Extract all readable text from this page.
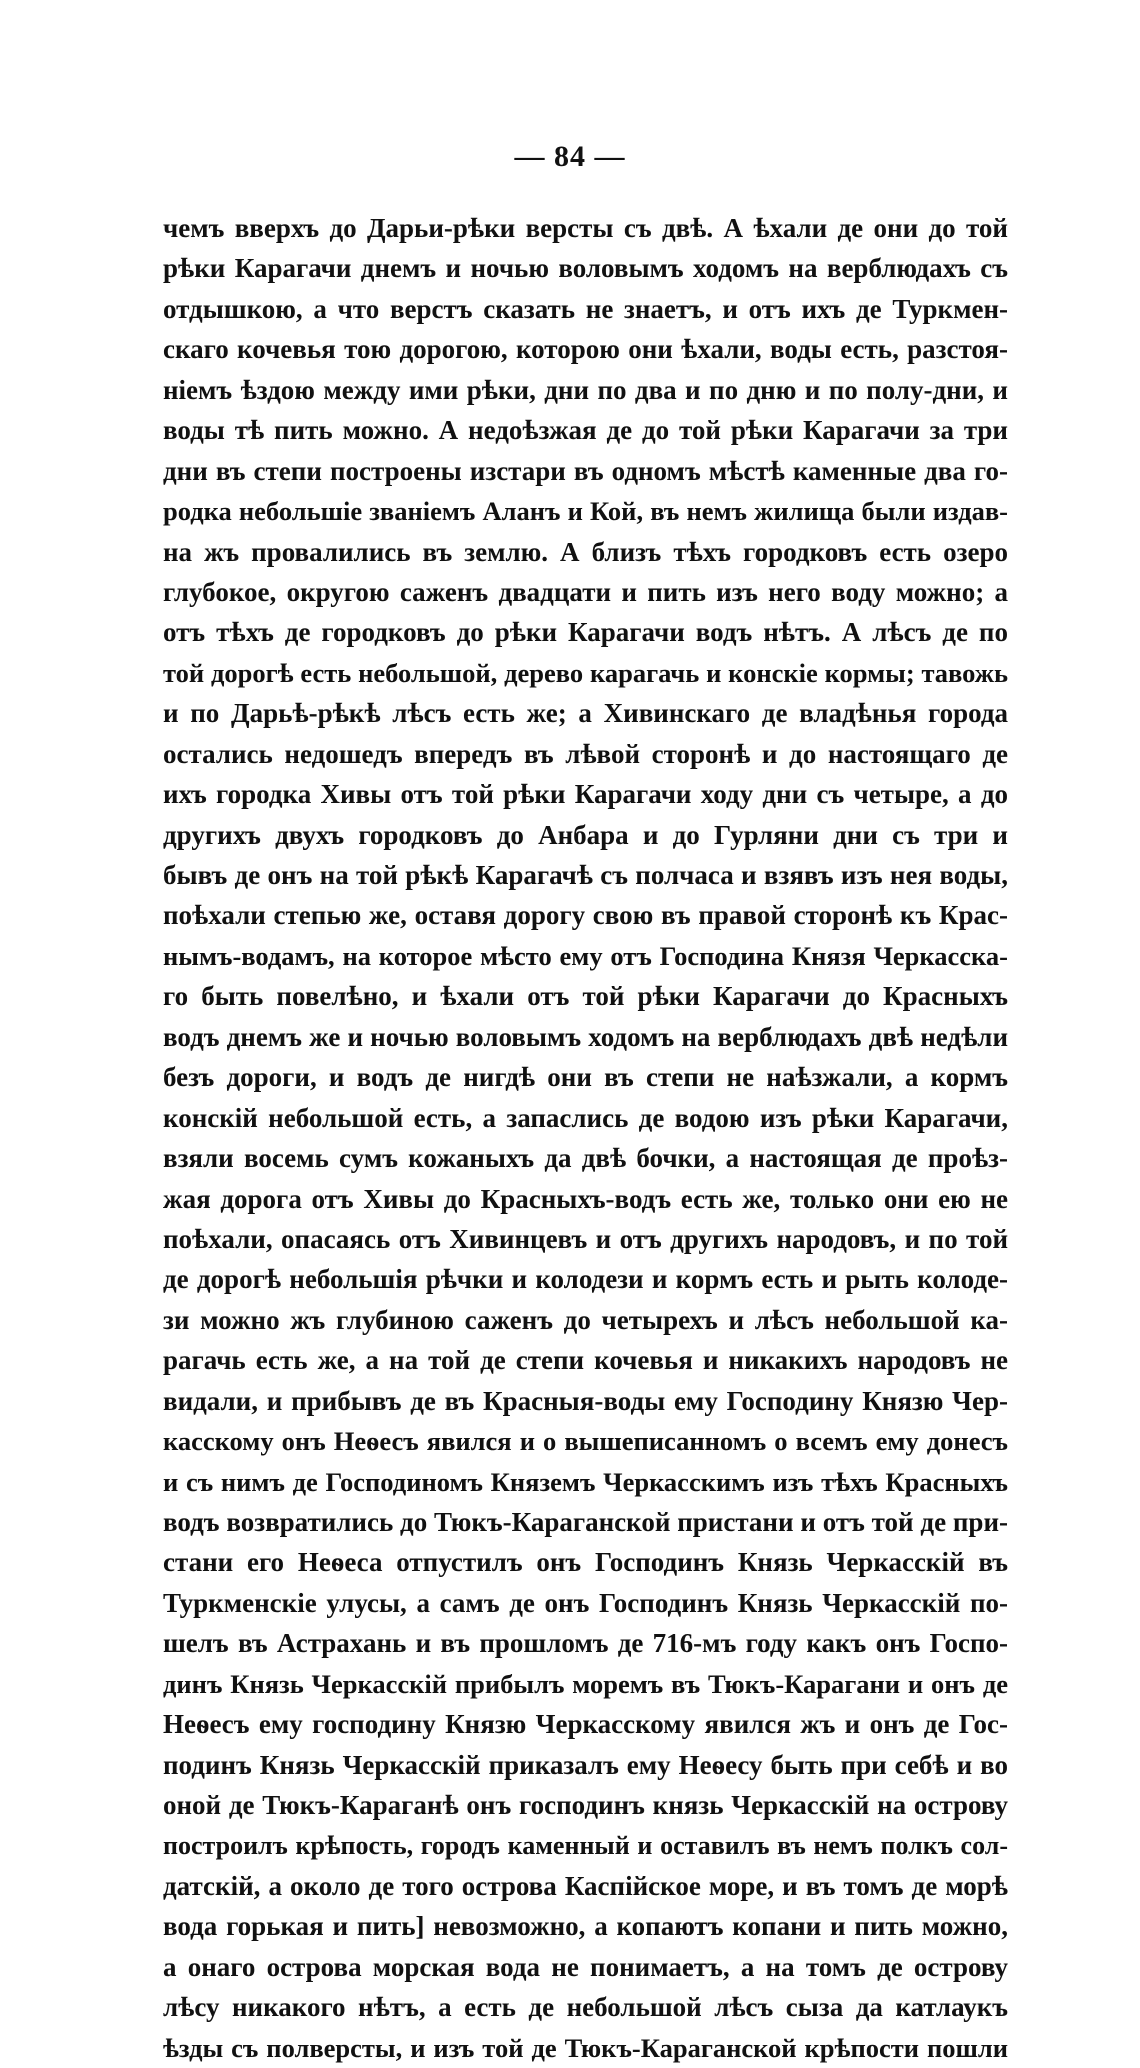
— 84 —
чемъ вверхъ до Дарьи-рѣки версты съ двѣ. А ѣхали де они до той
рѣки Карагачи днемъ и ночью воловымъ ходомъ на верблюдахъ съ
отдышкою, а что верстъ сказать не знаетъ, и отъ ихъ де Туркмен-
скаго кочевья тою дорогою, которою они ѣхали, воды есть, разстоя-
ніемъ ѣздою между ими рѣки, дни по два и по дню и по полу-дни, и
воды тѣ пить можно. А недоѣзжая де до той рѣки Карагачи за три
дни въ степи построены изстари въ одномъ мѣстѣ каменные два го-
родка небольшіе званіемъ Аланъ и Кой, въ немъ жилища были издав-
на жъ провалились въ землю. А близъ тѣхъ городковъ есть озеро
глубокое, округою саженъ двадцати и пить изъ него воду можно; а
отъ тѣхъ де городковъ до рѣки Карагачи водъ нѣтъ. А лѣсъ де по
той дорогѣ есть небольшой, дерево карагачь и конскіе кормы; тавожь
и по Дарьѣ-рѣкѣ лѣсъ есть же; а Хивинскаго де владѣнья города
остались недошедъ впередъ въ лѣвой сторонѣ и до настоящаго де
ихъ городка Хивы отъ той рѣки Карагачи ходу дни съ четыре, а до
другихъ двухъ городковъ до Анбара и до Гурляни дни съ три и
бывъ де онъ на той рѣкѣ Карагачѣ съ полчаса и взявъ изъ нея воды,
поѣхали степью же, оставя дорогу свою въ правой сторонѣ къ Крас-
нымъ-водамъ, на которое мѣсто ему отъ Господина Князя Черкасска-
го быть повелѣно, и ѣхали отъ той рѣки Карагачи до Красныхъ
водъ днемъ же и ночью воловымъ ходомъ на верблюдахъ двѣ недѣли
безъ дороги, и водъ де нигдѣ они въ степи не наѣзжали, а кормъ
конскій небольшой есть, а запаслись де водою изъ рѣки Карагачи,
взяли восемь сумъ кожаныхъ да двѣ бочки, а настоящая де проѣз-
жая дорога отъ Хивы до Красныхъ-водъ есть же, только они ею не
поѣхали, опасаясь отъ Хивинцевъ и отъ другихъ народовъ, и по той
де дорогѣ небольшія рѣчки и колодези и кормъ есть и рыть колоде-
зи можно жъ глубиною саженъ до четырехъ и лѣсъ небольшой ка-
рагачь есть же, а на той де степи кочевья и никакихъ народовъ не
видали, и прибывъ де въ Красныя-воды ему Господину Князю Чер-
касскому онъ Неѳесъ явился и о вышеписанномъ о всемъ ему донесъ
и съ нимъ де Господиномъ Княземъ Черкасскимъ изъ тѣхъ Красныхъ
водъ возвратились до Тюкъ-Караганской пристани и отъ той де при-
стани его Неѳеса отпустилъ онъ Господинъ Князь Черкасскій въ
Туркменскіе улусы, а самъ де онъ Господинъ Князь Черкасскій по-
шелъ въ Астрахань и въ прошломъ де 716-мъ году какъ онъ Госпо-
динъ Князь Черкасскій прибылъ моремъ въ Тюкъ-Карагани и онъ де
Неѳесъ ему господину Князю Черкасскому явился жъ и онъ де Гос-
подинъ Князь Черкасскій приказалъ ему Неѳесу быть при себѣ и во
оной де Тюкъ-Караганѣ онъ господинъ князь Черкасскій на острову
построилъ крѣпость, городъ каменный и оставилъ въ немъ полкъ сол-
датскій, а около де того острова Каспійское море, и въ томъ де морѣ
вода горькая и пить] невозможно, а копаютъ копани и пить можно,
а онаго острова морская вода не понимаетъ, а на томъ де острову
лѣсу никакого нѣтъ, а есть де небольшой лѣсъ сыза да катлаукъ
ѣзды съ полверсты, и изъ той де Тюкъ-Караганской крѣпости пошли
